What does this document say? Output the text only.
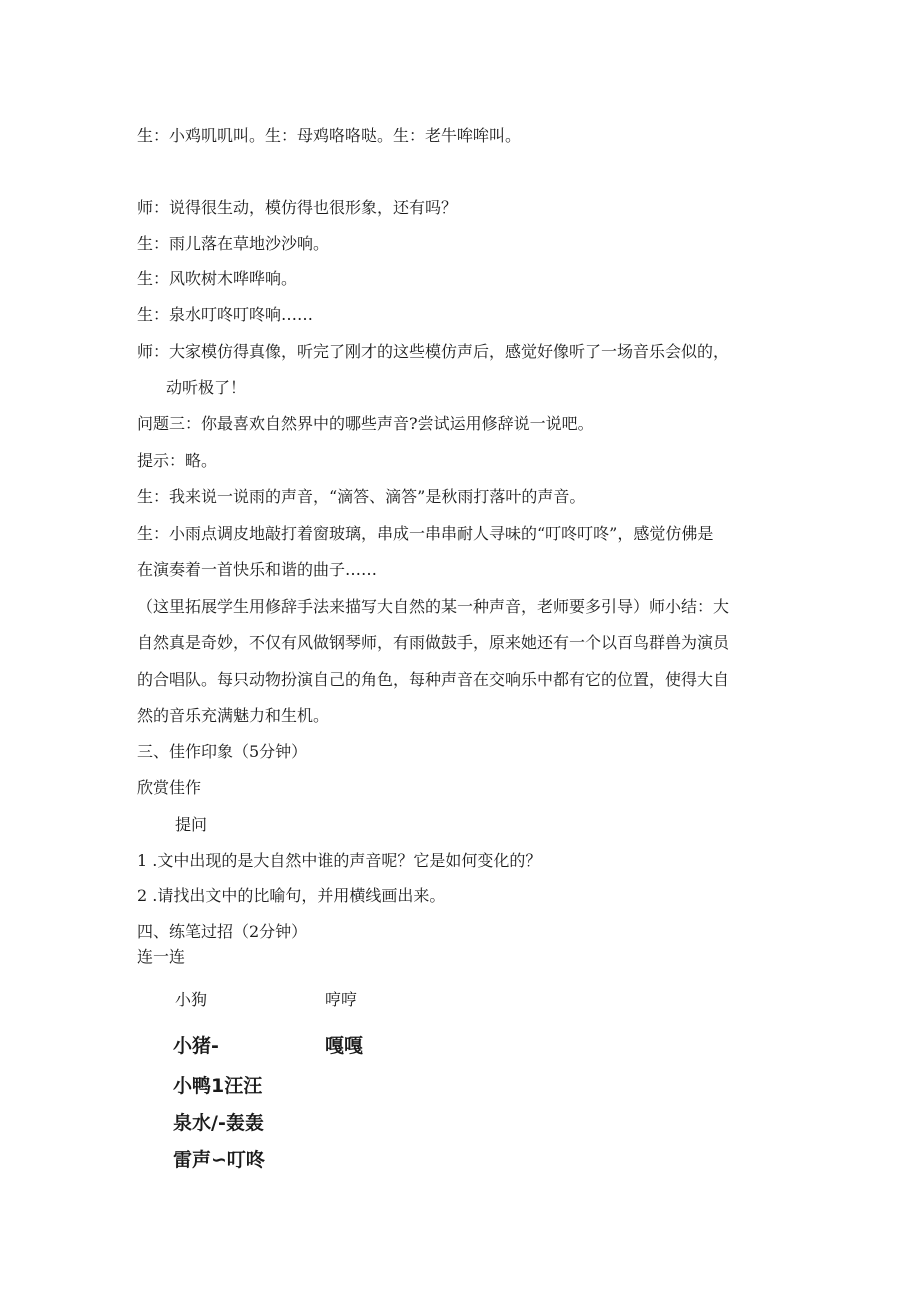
生：小鸡叽叽叫。生：母鸡咯咯哒。生：老牛哞哞叫。
师：说得很生动，模仿得也很形象，还有吗？
生：雨儿落在草地沙沙响。
生：风吹树木哗哗响。
生：泉水叮咚叮咚响……
师：大家模仿得真像，听完了刚才的这些模仿声后，感觉好像听了一场音乐会似的，
动听极了！
问题三：你最喜欢自然界中的哪些声音?尝试运用修辞说一说吧。
提示：略。
生：我来说一说雨的声音，“滴答、滴答”是秋雨打落叶的声音。
生：小雨点调皮地敲打着窗玻璃，串成一串串耐人寻味的“叮咚叮咚”，感觉仿佛是
在演奏着一首快乐和谐的曲子……
（这里拓展学生用修辞手法来描写大自然的某一种声音，老师要多引导）师小结：大
自然真是奇妙，不仅有风做钢琴师，有雨做鼓手，原来她还有一个以百鸟群兽为演员
的合唱队。每只动物扮演自己的角色，每种声音在交响乐中都有它的位置，使得大自
然的音乐充满魅力和生机。
三、佳作印象（5分钟）
欣赏佳作
提问
1 .文中出现的是大自然中谁的声音呢？它是如何变化的？
2 .请找出文中的比喻句，并用横线画出来。
四、练笔过招（2分钟）
连一连
小狗	哼哼
小猪-	嘎嘎
小鸭1汪汪
泉水/-轰轰
雷声∽叮咚
